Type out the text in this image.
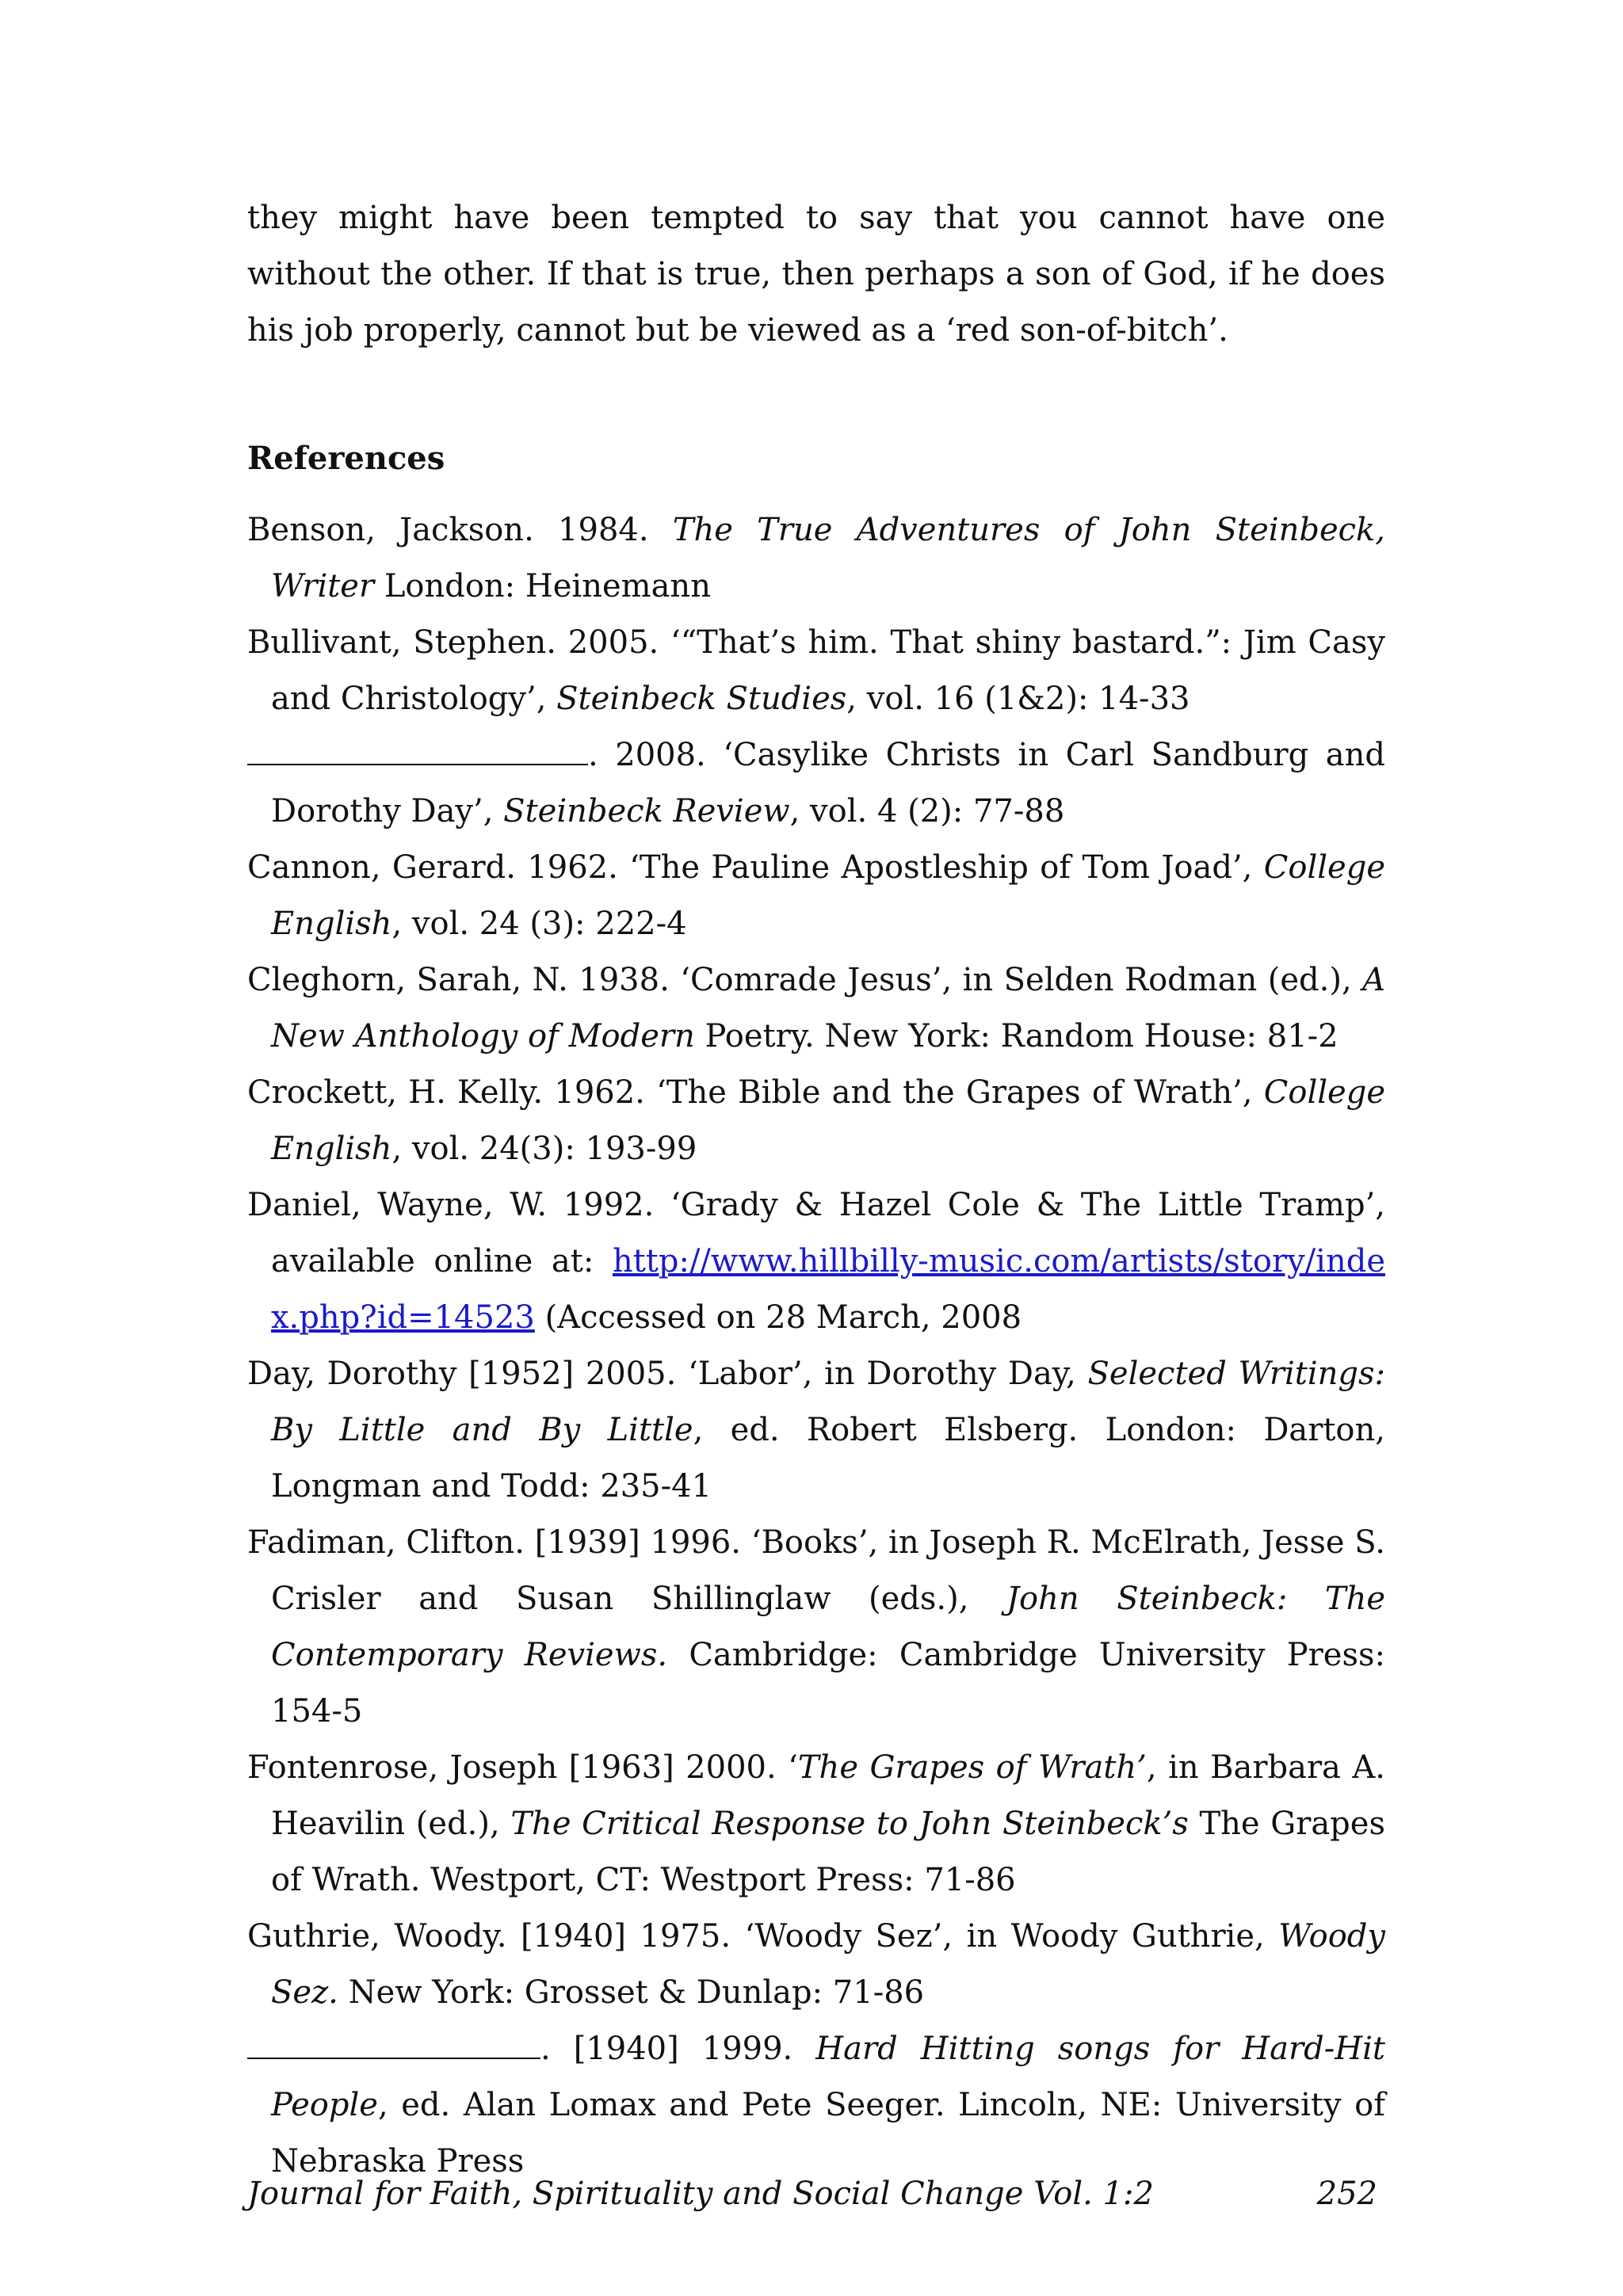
they might have been tempted to say that you cannot have one without the other. If that is true, then perhaps a son of God, if he does his job properly, cannot but be viewed as a ‘red son-of-bitch’.

References

Benson, Jackson. 1984. The True Adventures of John Steinbeck, Writer London: Heinemann

Bullivant, Stephen. 2005. ‘“That’s him. That shiny bastard.”: Jim Casy and Christology’, Steinbeck Studies, vol. 16 (1&2): 14-33

. 2008. ‘Casylike Christs in Carl Sandburg and Dorothy Day’, Steinbeck Review, vol. 4 (2): 77-88

Cannon, Gerard. 1962. ‘The Pauline Apostleship of Tom Joad’, College English, vol. 24 (3): 222-4

Cleghorn, Sarah, N. 1938. ‘Comrade Jesus’, in Selden Rodman (ed.), A New Anthology of Modern Poetry. New York: Random House: 81-2

Crockett, H. Kelly. 1962. ‘The Bible and the Grapes of Wrath’, College English, vol. 24(3): 193-99

Daniel, Wayne, W. 1992. ‘Grady & Hazel Cole & The Little Tramp’, available online at: http://www.hillbilly-music.com/artists/story/index.php?id=14523 (Accessed on 28 March, 2008

Day, Dorothy [1952] 2005. ‘Labor’, in Dorothy Day, Selected Writings: By Little and By Little, ed. Robert Elsberg. London: Darton, Longman and Todd: 235-41

Fadiman, Clifton. [1939] 1996. ‘Books’, in Joseph R. McElrath, Jesse S. Crisler and Susan Shillinglaw (eds.), John Steinbeck: The Contemporary Reviews. Cambridge: Cambridge University Press: 154-5

Fontenrose, Joseph [1963] 2000. ‘The Grapes of Wrath’, in Barbara A. Heavilin (ed.), The Critical Response to John Steinbeck’s The Grapes of Wrath. Westport, CT: Westport Press: 71-86

Guthrie, Woody. [1940] 1975. ‘Woody Sez’, in Woody Guthrie, Woody Sez. New York: Grosset & Dunlap: 71-86

. [1940] 1999. Hard Hitting songs for Hard-Hit People, ed. Alan Lomax and Pete Seeger. Lincoln, NE: University of Nebraska Press

Journal for Faith, Spirituality and Social Change Vol. 1:2	252
